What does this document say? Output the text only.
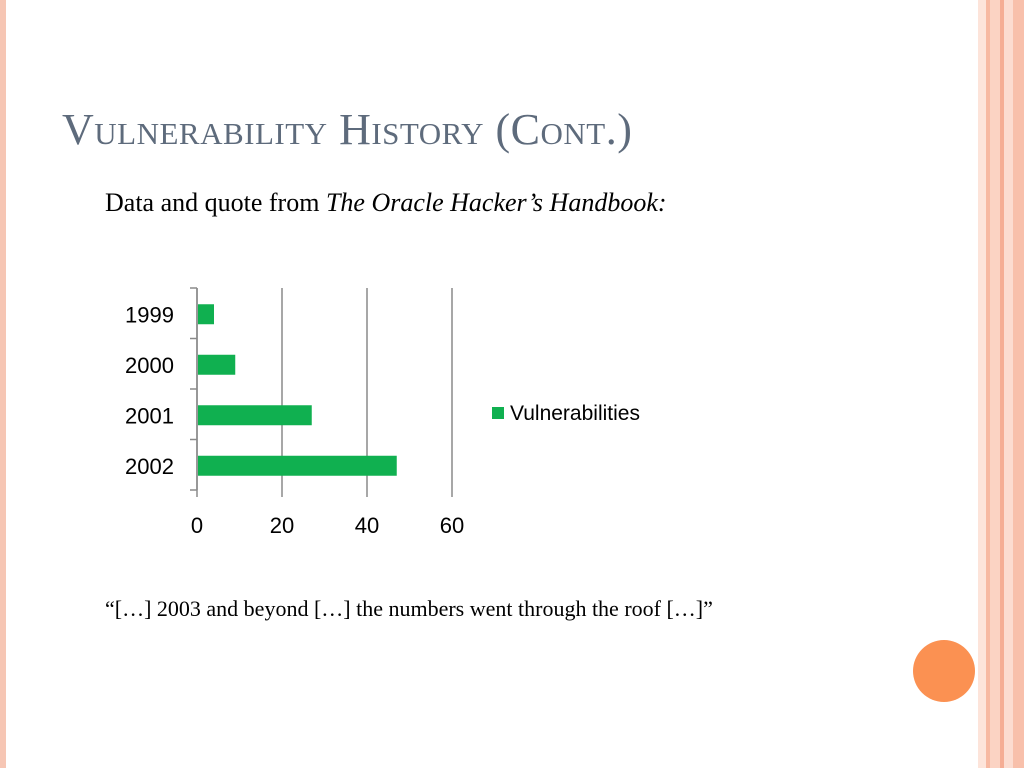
Vulnerability History (Cont.)
Data and quote from The Oracle Hacker’s Handbook:
0	20	40	60
1999
2000
2001
2002
Vulnerabilities
“[…] 2003 and beyond […] the numbers went through the roof […]”
